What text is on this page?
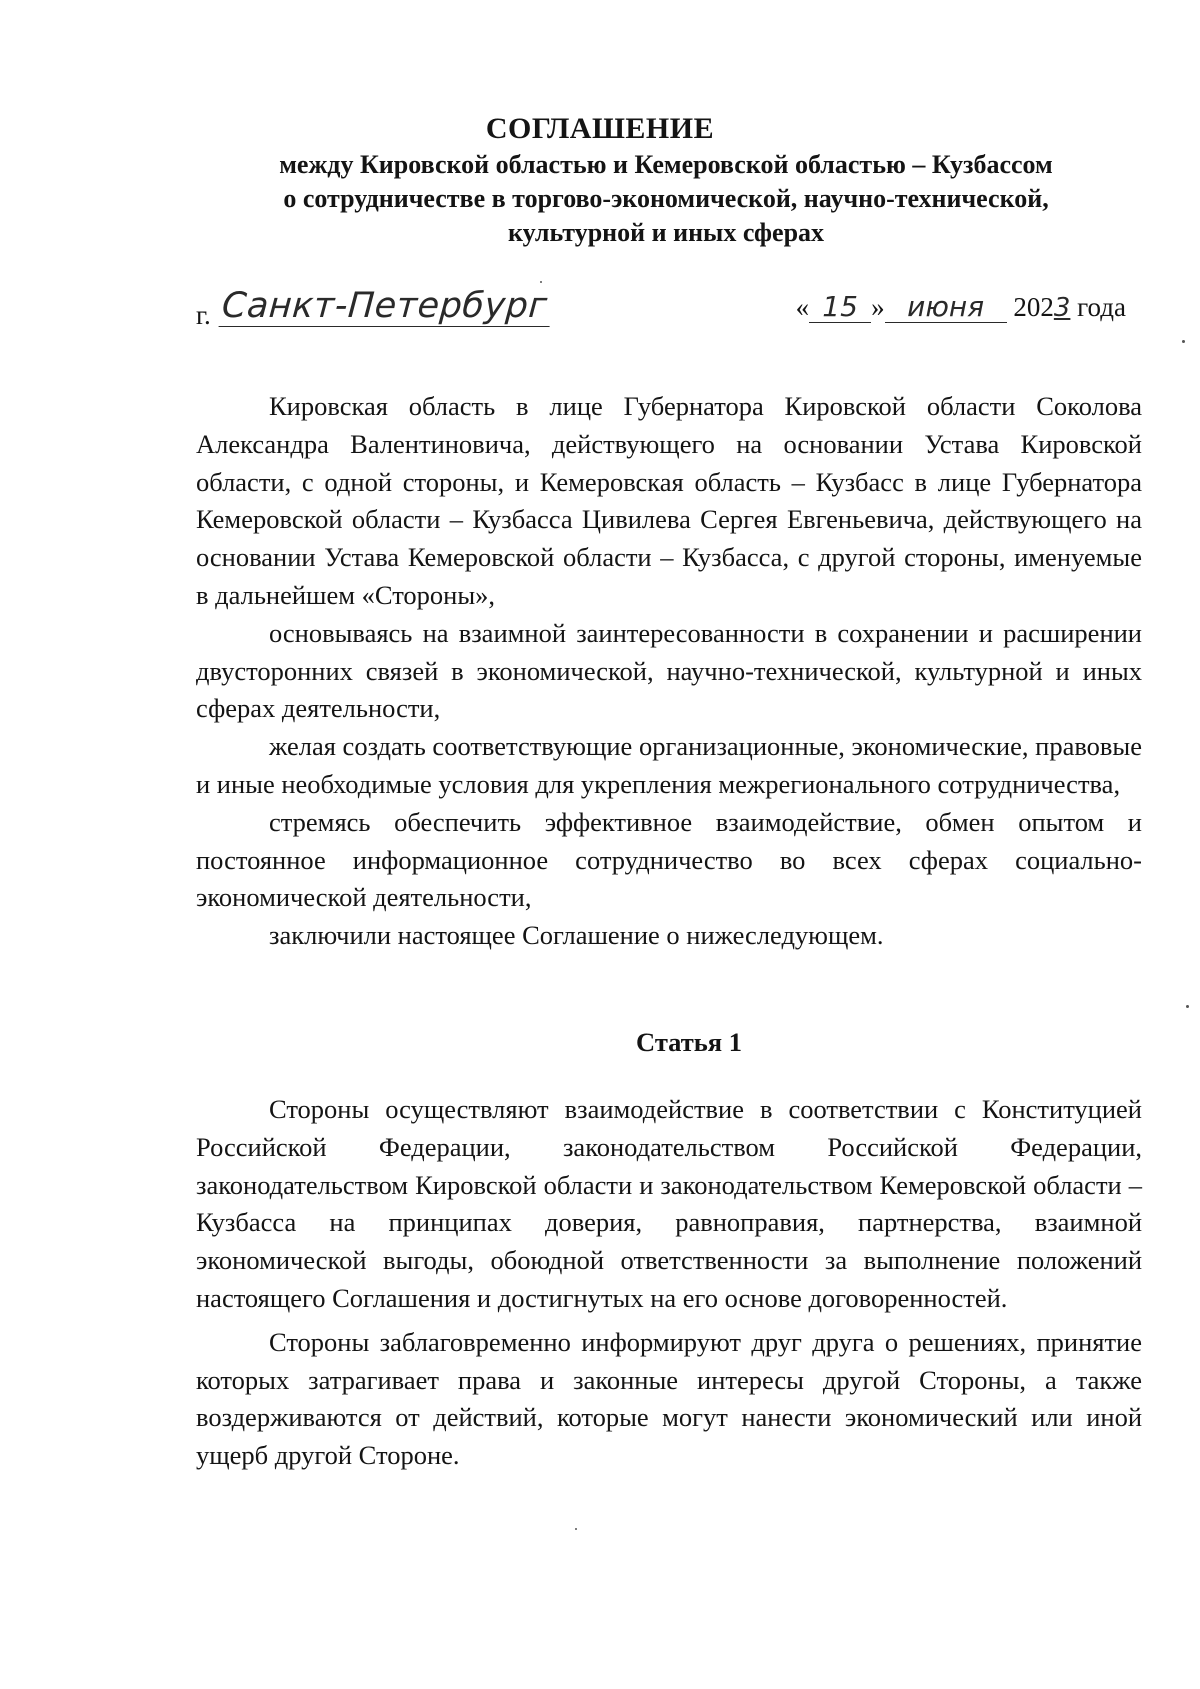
СОГЛАШЕНИЕ
между Кировской областью и Кемеровской областью – Кузбассом
о сотрудничестве в торгово-экономической, научно-технической,
культурной и иных сферах
г. Санкт-Петербург	« 15 » июня 2023 года

Кировская область в лице Губернатора Кировской области Соколова Александра Валентиновича, действующего на основании Устава Кировской области, с одной стороны, и Кемеровская область – Кузбасс в лице Губернатора Кемеровской области – Кузбасса Цивилева Сергея Евгеньевича, действующего на основании Устава Кемеровской области – Кузбасса, с другой стороны, именуемые в дальнейшем «Стороны»,

основываясь на взаимной заинтересованности в сохранении и расширении двусторонних связей в экономической, научно-технической, культурной и иных сферах деятельности,

желая создать соответствующие организационные, экономические, правовые и иные необходимые условия для укрепления межрегионального сотрудничества,

стремясь обеспечить эффективное взаимодействие, обмен опытом и постоянное информационное сотрудничество во всех сферах социально-экономической деятельности,

заключили настоящее Соглашение о нижеследующем.

Статья 1

Стороны осуществляют взаимодействие в соответствии с Конституцией Российской Федерации, законодательством Российской Федерации, законодательством Кировской области и законодательством Кемеровской области – Кузбасса на принципах доверия, равноправия, партнерства, взаимной экономической выгоды, обоюдной ответственности за выполнение положений настоящего Соглашения и достигнутых на его основе договоренностей.

Стороны заблаговременно информируют друг друга о решениях, принятие которых затрагивает права и законные интересы другой Стороны, а также воздерживаются от действий, которые могут нанести экономический или иной ущерб другой Стороне.
